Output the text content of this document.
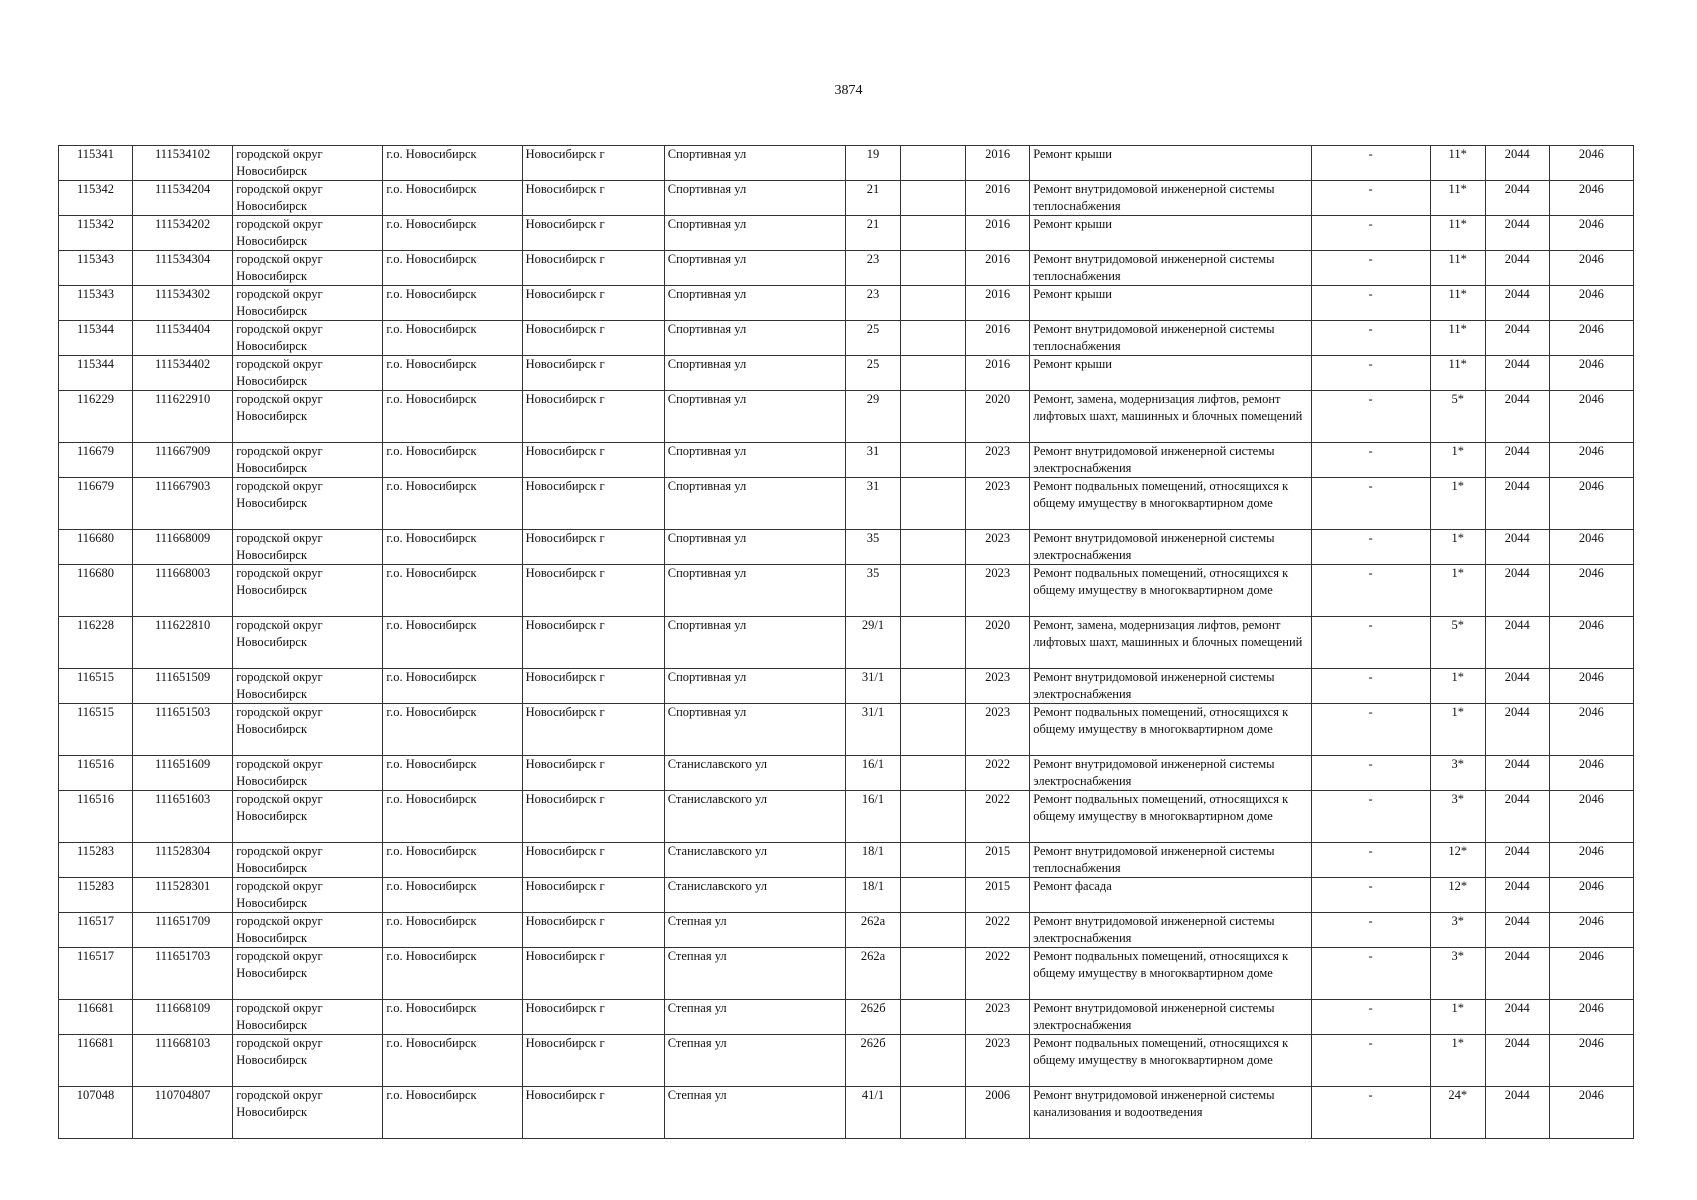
3874
115341	111534102	городской округ Новосибирск	г.о. Новосибирск	Новосибирск г	Спортивная ул	19		2016	Ремонт крыши	-	11*	2044	2046
115342	111534204	городской округ Новосибирск	г.о. Новосибирск	Новосибирск г	Спортивная ул	21		2016	Ремонт внутридомовой инженерной системы теплоснабжения	-	11*	2044	2046
115342	111534202	городской округ Новосибирск	г.о. Новосибирск	Новосибирск г	Спортивная ул	21		2016	Ремонт крыши	-	11*	2044	2046
115343	111534304	городской округ Новосибирск	г.о. Новосибирск	Новосибирск г	Спортивная ул	23		2016	Ремонт внутридомовой инженерной системы теплоснабжения	-	11*	2044	2046
115343	111534302	городской округ Новосибирск	г.о. Новосибирск	Новосибирск г	Спортивная ул	23		2016	Ремонт крыши	-	11*	2044	2046
115344	111534404	городской округ Новосибирск	г.о. Новосибирск	Новосибирск г	Спортивная ул	25		2016	Ремонт внутридомовой инженерной системы теплоснабжения	-	11*	2044	2046
115344	111534402	городской округ Новосибирск	г.о. Новосибирск	Новосибирск г	Спортивная ул	25		2016	Ремонт крыши	-	11*	2044	2046
116229	111622910	городской округ Новосибирск	г.о. Новосибирск	Новосибирск г	Спортивная ул	29		2020	Ремонт, замена, модернизация лифтов, ремонт лифтовых шахт, машинных и блочных помещений	-	5*	2044	2046
116679	111667909	городской округ Новосибирск	г.о. Новосибирск	Новосибирск г	Спортивная ул	31		2023	Ремонт внутридомовой инженерной системы электроснабжения	-	1*	2044	2046
116679	111667903	городской округ Новосибирск	г.о. Новосибирск	Новосибирск г	Спортивная ул	31		2023	Ремонт подвальных помещений, относящихся к общему имуществу в многоквартирном доме	-	1*	2044	2046
116680	111668009	городской округ Новосибирск	г.о. Новосибирск	Новосибирск г	Спортивная ул	35		2023	Ремонт внутридомовой инженерной системы электроснабжения	-	1*	2044	2046
116680	111668003	городской округ Новосибирск	г.о. Новосибирск	Новосибирск г	Спортивная ул	35		2023	Ремонт подвальных помещений, относящихся к общему имуществу в многоквартирном доме	-	1*	2044	2046
116228	111622810	городской округ Новосибирск	г.о. Новосибирск	Новосибирск г	Спортивная ул	29/1		2020	Ремонт, замена, модернизация лифтов, ремонт лифтовых шахт, машинных и блочных помещений	-	5*	2044	2046
116515	111651509	городской округ Новосибирск	г.о. Новосибирск	Новосибирск г	Спортивная ул	31/1		2023	Ремонт внутридомовой инженерной системы электроснабжения	-	1*	2044	2046
116515	111651503	городской округ Новосибирск	г.о. Новосибирск	Новосибирск г	Спортивная ул	31/1		2023	Ремонт подвальных помещений, относящихся к общему имуществу в многоквартирном доме	-	1*	2044	2046
116516	111651609	городской округ Новосибирск	г.о. Новосибирск	Новосибирск г	Станиславского ул	16/1		2022	Ремонт внутридомовой инженерной системы электроснабжения	-	3*	2044	2046
116516	111651603	городской округ Новосибирск	г.о. Новосибирск	Новосибирск г	Станиславского ул	16/1		2022	Ремонт подвальных помещений, относящихся к общему имуществу в многоквартирном доме	-	3*	2044	2046
115283	111528304	городской округ Новосибирск	г.о. Новосибирск	Новосибирск г	Станиславского ул	18/1		2015	Ремонт внутридомовой инженерной системы теплоснабжения	-	12*	2044	2046
115283	111528301	городской округ Новосибирск	г.о. Новосибирск	Новосибирск г	Станиславского ул	18/1		2015	Ремонт фасада	-	12*	2044	2046
116517	111651709	городской округ Новосибирск	г.о. Новосибирск	Новосибирск г	Степная ул	262а		2022	Ремонт внутридомовой инженерной системы электроснабжения	-	3*	2044	2046
116517	111651703	городской округ Новосибирск	г.о. Новосибирск	Новосибирск г	Степная ул	262а		2022	Ремонт подвальных помещений, относящихся к общему имуществу в многоквартирном доме	-	3*	2044	2046
116681	111668109	городской округ Новосибирск	г.о. Новосибирск	Новосибирск г	Степная ул	262б		2023	Ремонт внутридомовой инженерной системы электроснабжения	-	1*	2044	2046
116681	111668103	городской округ Новосибирск	г.о. Новосибирск	Новосибирск г	Степная ул	262б		2023	Ремонт подвальных помещений, относящихся к общему имуществу в многоквартирном доме	-	1*	2044	2046
107048	110704807	городской округ Новосибирск	г.о. Новосибирск	Новосибирск г	Степная ул	41/1		2006	Ремонт внутридомовой инженерной системы канализования и водоотведения	-	24*	2044	2046
